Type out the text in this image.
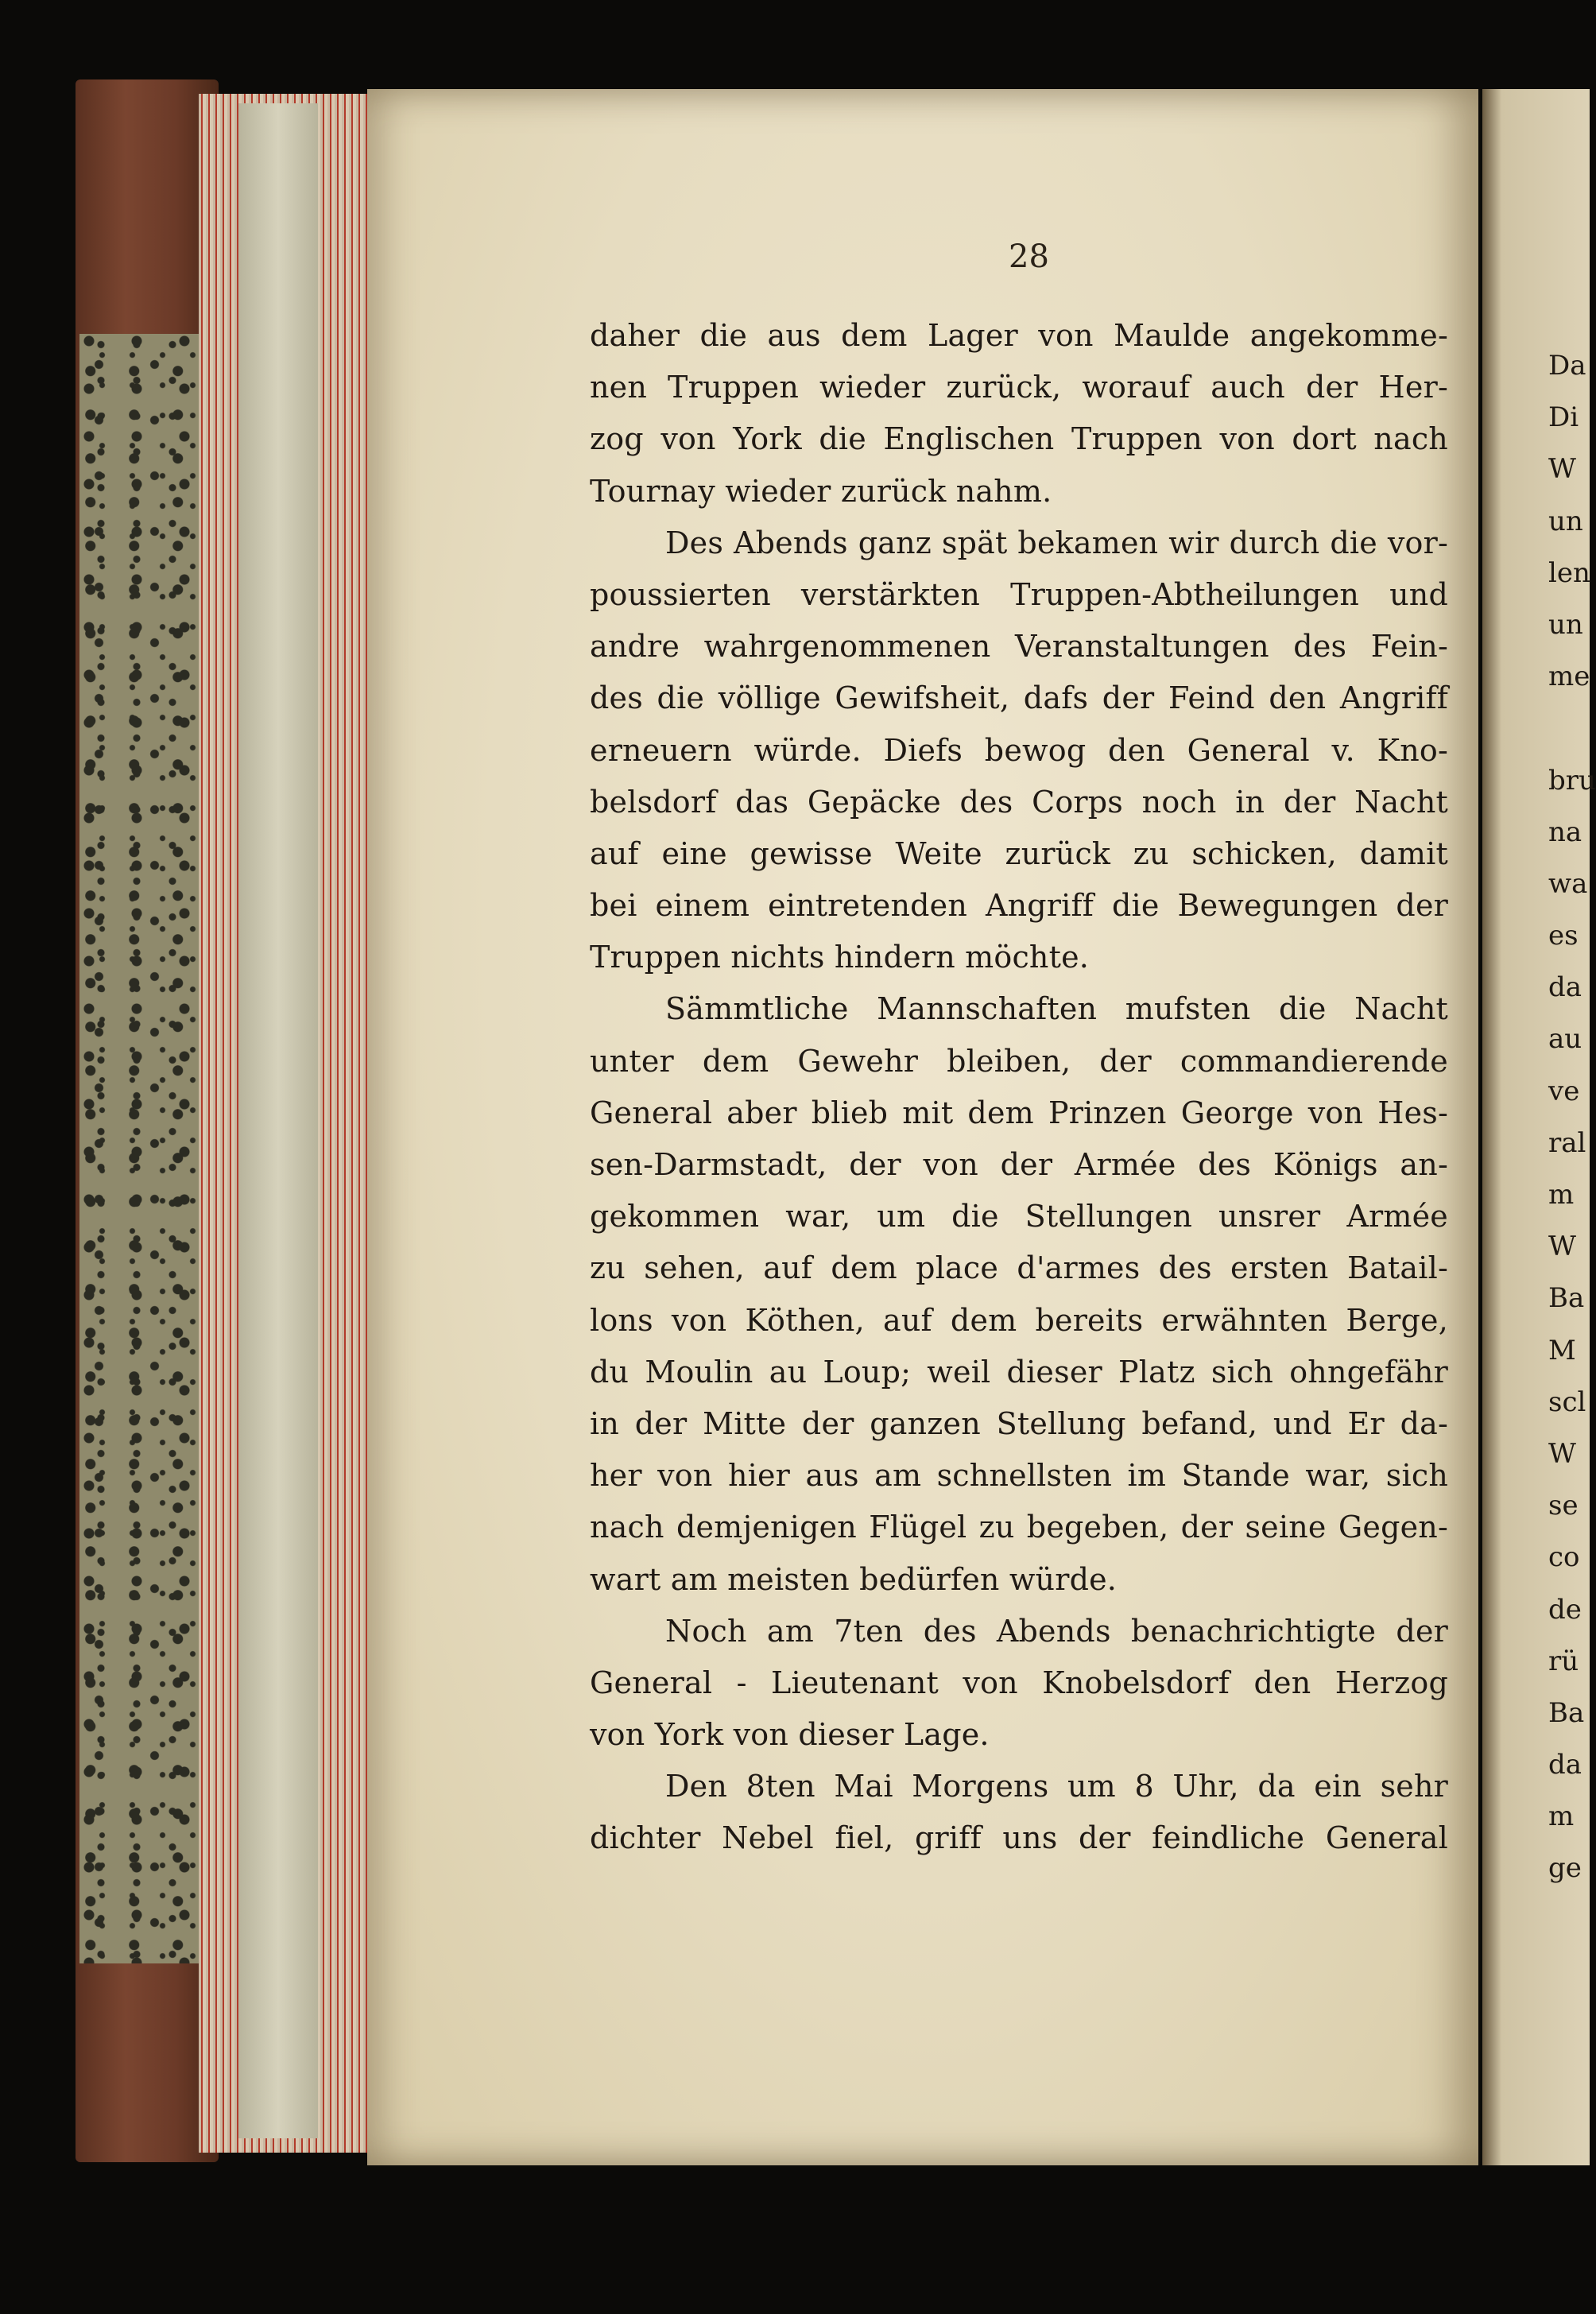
Da
Di
W
un
len
un
me
bru
na
wa
es
da
au
ve
ral
m
W
Ba
M
scl
W
se
co
de
rü
Ba
da
m
ge
28
daher die aus dem Lager von Maulde angekomme-
nen Truppen wieder zurück, worauf auch der Her-
zog von York die Englischen Truppen von dort nach
Tournay wieder zurück nahm.
Des Abends ganz spät bekamen wir durch die vor-
poussierten verstärkten Truppen-Abtheilungen und
andre wahrgenommenen Veranstaltungen des Fein-
des die völlige Gewifsheit, dafs der Feind den Angriff
erneuern würde. Diefs bewog den General v. Kno-
belsdorf das Gepäcke des Corps noch in der Nacht
auf eine gewisse Weite zurück zu schicken, damit
bei einem eintretenden Angriff die Bewegungen der
Truppen nichts hindern möchte.
Sämmtliche Mannschaften mufsten die Nacht
unter dem Gewehr bleiben, der commandierende
General aber blieb mit dem Prinzen George von Hes-
sen-Darmstadt, der von der Armée des Königs an-
gekommen war, um die Stellungen unsrer Armée
zu sehen, auf dem place d'armes des ersten Batail-
lons von Köthen, auf dem bereits erwähnten Berge,
du Moulin au Loup; weil dieser Platz sich ohngefähr
in der Mitte der ganzen Stellung befand, und Er da-
her von hier aus am schnellsten im Stande war, sich
nach demjenigen Flügel zu begeben, der seine Gegen-
wart am meisten bedürfen würde.
Noch am 7ten des Abends benachrichtigte der
General - Lieutenant von Knobelsdorf den Herzog
von York von dieser Lage.
Den 8ten Mai Morgens um 8 Uhr, da ein sehr
dichter Nebel fiel, griff uns der feindliche General
